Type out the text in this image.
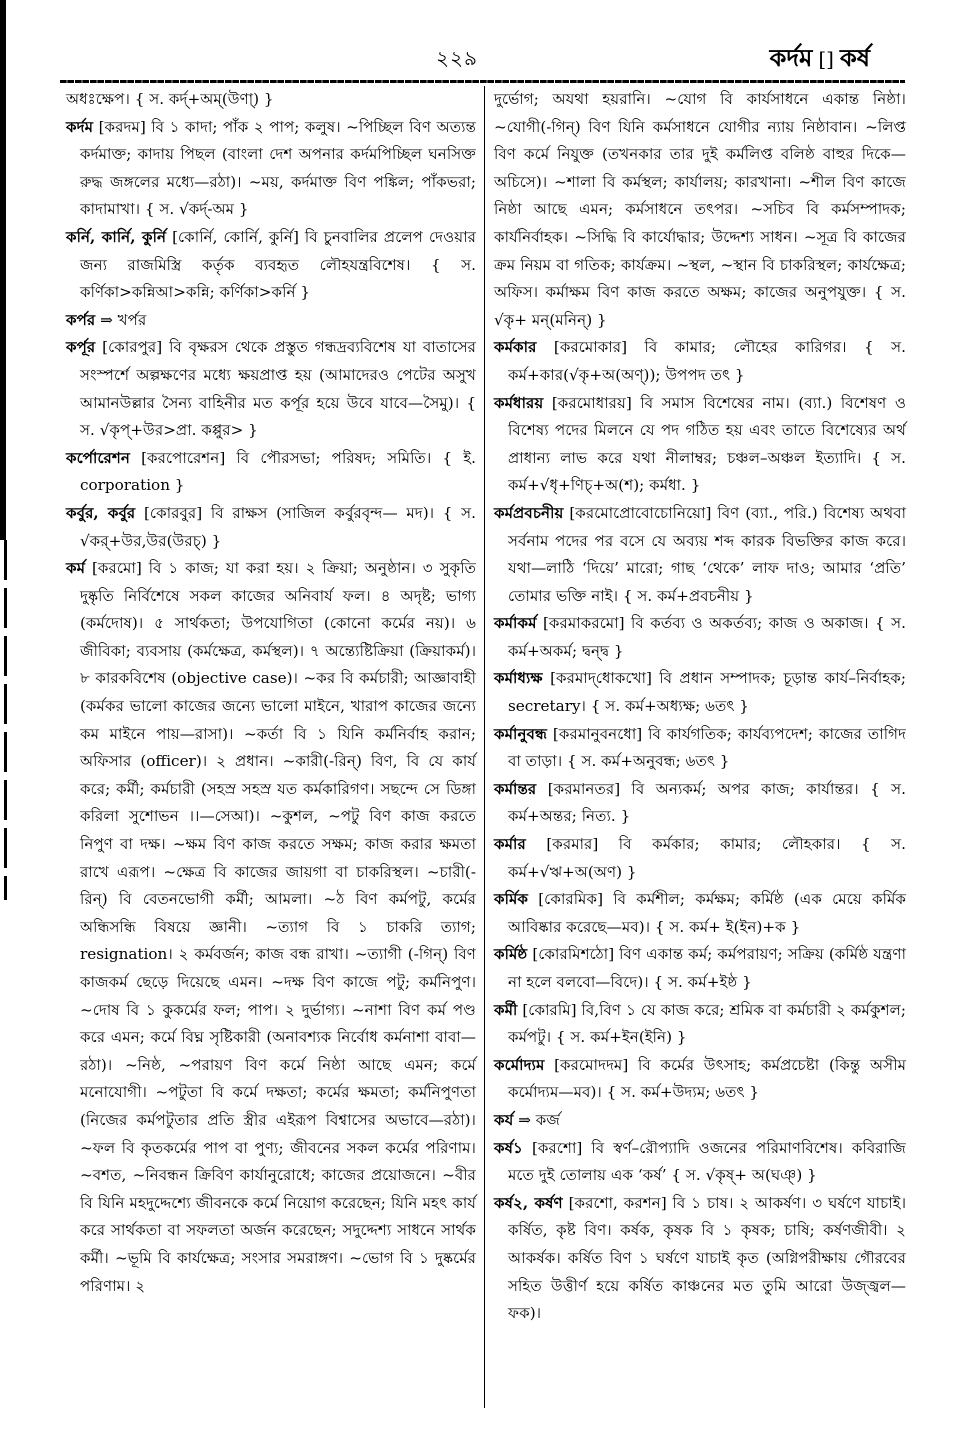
২২৯	কর্দম [] কর্ষ

অধঃক্ষেপ। { স. কর্দ্+অম্(উণা্) }

কর্দম [করদম] বি ১ কাদা; পাঁক ২ পাপ; কলুষ। ~পিচ্ছিল বিণ অত্যন্ত কর্দমাক্ত; কাদায় পিছল (বাংলা দেশ অপনার কর্দমপিচ্ছিল ঘনসিক্ত রুদ্ধ জঙ্গলের মধ্যে—রঠা)। ~ময়, কর্দমাক্ত বিণ পঙ্কিল; পাঁকভরা; কাদামাখা। { স. √কর্দ্-অম }

কর্নি, কার্নি, কুর্নি [কোর্নি, কোর্নি, কুর্নি] বি চুনবালির প্রলেপ দেওয়ার জন্য রাজমিস্ত্রি কর্তৃক ব্যবহৃত লৌহযন্ত্রবিশেষ। { স. কর্ণিকা>কন্নিআ>কন্নি; কর্ণিকা>কর্নি }

কর্পর ⇒ খর্পর

কর্পূর [কোরপুর] বি বৃক্ষরস থেকে প্রস্তুত গন্ধদ্রব্যবিশেষ যা বাতাসের সংস্পর্শে অল্পক্ষণের মধ্যে ক্ষয়প্রাপ্ত হয় (আমাদেরও পেটের অসুখ আমানউল্লার সৈন্য বাহিনীর মত কর্পূর হয়ে উবে যাবে—সৈমু)। { স. √কৃপ্+উর>প্রা. কপ্পুর> }

কর্পোরেশন [করপোরেশন] বি পৌরসভা; পরিষদ; সমিতি। { ই. corporation }

কর্বুর, কর্বুর [কোরবুর] বি রাক্ষস (সাজিল কর্বুরবৃন্দ— মদ)। { স. √কর্+উর,উর(উরচ্) }

কর্ম [করমো] বি ১ কাজ; যা করা হয়। ২ ক্রিয়া; অনুষ্ঠান। ৩ সুকৃতি দুষ্কৃতি নির্বিশেষে সকল কাজের অনিবার্য ফল। ৪ অদৃষ্ট; ভাগ্য (কর্মদোষ)। ৫ সার্থকতা; উপযোগিতা (কোনো কর্মের নয়)। ৬ জীবিকা; ব্যবসায় (কর্মক্ষেত্র, কর্মস্থল)। ৭ অন্ত্যেষ্টিক্রিয়া (ক্রিয়াকর্ম)। ৮ কারকবিশেষ (objective case)। ~কর বি কর্মচারী; আজ্ঞাবাহী (কর্মকর ভালো কাজের জন্যে ভালো মাইনে, খারাপ কাজের জন্যে কম মাইনে পায়—রাসা)। ~কর্তা বি ১ যিনি কর্মনির্বাহ করান; অফিসার (officer)। ২ প্রধান। ~কারী(-রিন্) বিণ, বি যে কার্য করে; কর্মী; কর্মচারী (সহস্র সহস্র যত কর্মকারিগণ। সছন্দে সে ডিঙ্গা করিলা সুশোভন ।।—সেআ)। ~কুশল, ~পটু বিণ কাজ করতে নিপুণ বা দক্ষ। ~ক্ষম বিণ কাজ করতে সক্ষম; কাজ করার ক্ষমতা রাখে এরূপ। ~ক্ষেত্র বি কাজের জায়গা বা চাকরিস্থল। ~চারী(-রিন্) বি বেতনভোগী কর্মী; আমলা। ~ঠ বিণ কর্মপটু, কর্মের অন্ধিসন্ধি বিষয়ে জ্ঞানী। ~ত্যাগ বি ১ চাকরি ত্যাগ; resignation। ২ কর্মবর্জন; কাজ বন্ধ রাখা। ~ত্যাগী (-গিন্) বিণ কাজকর্ম ছেড়ে দিয়েছে এমন। ~দক্ষ বিণ কাজে পটু; কর্মনিপুণ। ~দোষ বি ১ কুকর্মের ফল; পাপ। ২ দুর্ভাগ্য। ~নাশা বিণ কর্ম পণ্ড করে এমন; কর্মে বিঘ্ন সৃষ্টিকারী (অনাবশ্যক নির্বোধ কর্মনাশা বাবা—রঠা)। ~নিষ্ঠ, ~পরায়ণ বিণ কর্মে নিষ্ঠা আছে এমন; কর্মে মনোযোগী। ~পটুতা বি কর্মে দক্ষতা; কর্মের ক্ষমতা; কর্মনিপুণতা (নিজের কর্মপটুতার প্রতি স্ত্রীর এইরূপ বিশ্বাসের অভাবে—রঠা)। ~ফল বি কৃতকর্মের পাপ বা পুণ্য; জীবনের সকল কর্মের পরিণাম। ~বশত, ~নিবন্ধন ক্রিবিণ কার্যানুরোধে; কাজের প্রয়োজনে। ~বীর বি যিনি মহদুদ্দেশ্যে জীবনকে কর্মে নিয়োগ করেছেন; যিনি মহৎ কার্য করে সার্থকতা বা সফলতা অর্জন করেছেন; সদুদ্দেশ্য সাধনে সার্থক কর্মী। ~ভূমি বি কার্যক্ষেত্র; সংসার সমরাঙ্গণ। ~ভোগ বি ১ দুষ্কর্মের পরিণাম। ২

দুর্ভোগ; অযথা হয়রানি। ~যোগ বি কার্যসাধনে একান্ত নিষ্ঠা। ~যোগী(-গিন্) বিণ যিনি কর্মসাধনে যোগীর ন্যায় নিষ্ঠাবান। ~লিপ্ত বিণ কর্মে নিযুক্ত (তখনকার তার দুই কর্মলিপ্ত বলিষ্ঠ বাহুর দিকে—অচিসে)। ~শালা বি কর্মস্থল; কার্যালয়; কারখানা। ~শীল বিণ কাজে নিষ্ঠা আছে এমন; কর্মসাধনে তৎপর। ~সচিব বি কর্মসম্পাদক; কার্যনির্বাহক। ~সিদ্ধি বি কার্যোদ্ধার; উদ্দেশ্য সাধন। ~সূত্র বি কাজের ক্রম নিয়ম বা গতিক; কার্যক্রম। ~স্থল, ~স্থান বি চাকরিস্থল; কার্যক্ষেত্র; অফিস। কর্মাক্ষম বিণ কাজ করতে অক্ষম; কাজের অনুপযুক্ত। { স. √কৃ+ মন্(মনিন্) }

কর্মকার [করমোকার] বি কামার; লৌহের কারিগর। { স. কর্ম+কার(√কৃ+অ(অণ্)); উপপদ তৎ }

কর্মধারয় [করমোধারয়] বি সমাস বিশেষের নাম। (ব্যা.) বিশেষণ ও বিশেষ্য পদের মিলনে যে পদ গঠিত হয় এবং তাতে বিশেষ্যের অর্থ প্রাধান্য লাভ করে যথা নীলাম্বর; চঞ্চল–অঞ্চল ইত্যাদি। { স. কর্ম+√ধৃ+ণিচ্+অ(শ); কর্মধা. }

কর্মপ্রবচনীয় [করমোপ্রোবোচোনিয়ো] বিণ (ব্যা., পরি.) বিশেষ্য অথবা সর্বনাম পদের পর বসে যে অব্যয় শব্দ কারক বিভক্তির কাজ করে। যথা—লাঠি ‘দিয়ে’ মারো; গাছ ‘থেকে’ লাফ দাও; আমার ‘প্রতি’ তোমার ভক্তি নাই। { স. কর্ম+প্রবচনীয় }

কর্মাকর্ম [করমাকরমো] বি কর্তব্য ও অকর্তব্য; কাজ ও অকাজ। { স. কর্ম+অকর্ম; দ্বন্দ্ব }

কর্মাধ্যক্ষ [করমাদ্‌ধোকখো] বি প্রধান সম্পাদক; চূড়ান্ত কার্য–নির্বাহক; secretary। { স. কর্ম+অধ্যক্ষ; ৬তৎ }

কর্মানুবন্ধ [করমানুবনধো] বি কার্যগতিক; কার্যব্যপদেশ; কাজের তাগিদ বা তাড়া। { স. কর্ম+অনুবন্ধ; ৬তৎ }

কর্মান্তর [করমানতর] বি অন্যকর্ম; অপর কাজ; কার্যান্তর। { স. কর্ম+অন্তর; নিত্য. }

কর্মার [করমার] বি কর্মকার; কামার; লৌহকার। { স. কর্ম+√ঋ+অ(অণ) }

কর্মিক [কোরমিক] বি কর্মশীল; কর্মক্ষম; কর্মিষ্ঠ (এক মেয়ে কর্মিক আবিষ্কার করেছে—মব)। { স. কর্ম+ ই(ইন)+ক }

কর্মিষ্ঠ [কোরমিশঠো] বিণ একান্ত কর্ম; কর্মপরায়ণ; সক্রিয় (কর্মিষ্ঠ যন্ত্রণা না হলে বলবো—বিদে)। { স. কর্ম+ইষ্ঠ }

কর্মী [কোরমি] বি,বিণ ১ যে কাজ করে; শ্রমিক বা কর্মচারী ২ কর্মকুশল; কর্মপটু। { স. কর্ম+ইন(ইনি) }

কর্মোদ্যম [করমোদদম] বি কর্মের উৎসাহ; কর্মপ্রচেষ্টা (কিন্তু অসীম কর্মোদ্যম—মব)। { স. কর্ম+উদ্যম; ৬তৎ }

কর্য ⇒ কর্জ

কর্ষ১ [করশো] বি স্বর্ণ–রৌপ্যাদি ওজনের পরিমাণবিশেষ। কবিরাজি মতে দুই তোলায় এক ‘কর্ষ’ { স. √কৃষ্+ অ(ঘঞ্) }

কর্ষ২, কর্ষণ [করশো, করশন] বি ১ চাষ। ২ আকর্ষণ। ৩ ঘর্ষণে যাচাই। কর্ষিত, কৃষ্ট বিণ। কর্ষক, কৃষক বি ১ কৃষক; চাষি; কর্ষণজীবী। ২ আকর্ষক। কর্ষিত বিণ ১ ঘর্ষণে যাচাই কৃত (অগ্নিপরীক্ষায় গৌরবের সহিত উত্তীর্ণ হয়ে কর্ষিত কাঞ্চনের মত তুমি আরো উজ্জ্বল— ফক)।
